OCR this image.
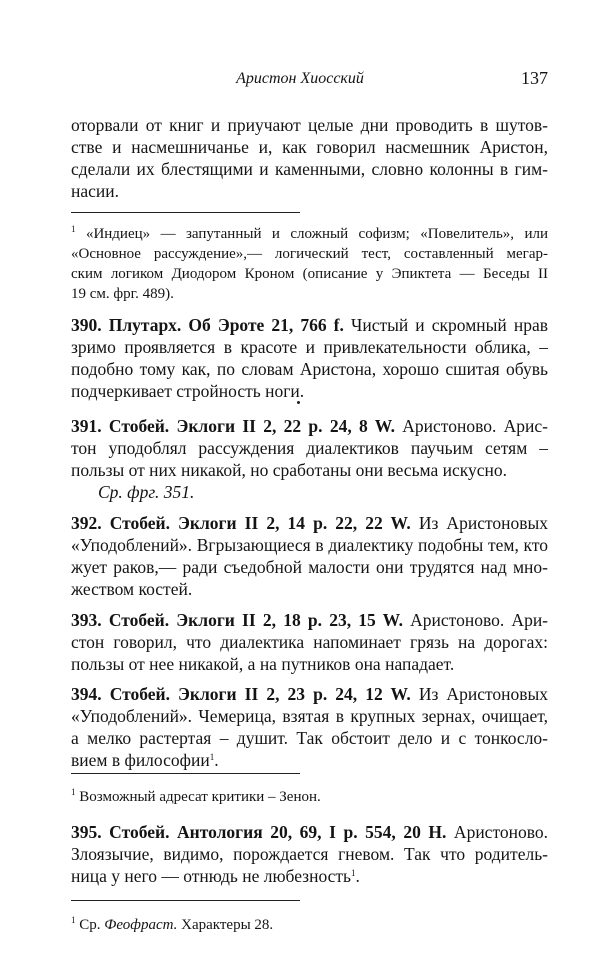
Аристон Хиосский	137
оторвали от книг и приучают целые дни проводить в шутов-
стве и насмешничанье и, как говорил насмешник Аристон,
сделали их блестящими и каменными, словно колонны в гим-
насии.
$^1$ «Индиец» — запутанный и сложный софизм; «Повелитель», или
«Основное рассуждение»,— логический тест, составленный мегар-
ским логиком Диодором Кроном (описание у Эпиктета — Беседы II
19 см. фрг. 489).
390. Плутарх. Об Эроте 21, 766 f. Чистый и скромный нрав
зримо проявляется в красоте и привлекательности облика, –
подобно тому как, по словам Аристона, хорошо сшитая обувь
подчеркивает стройность ноги.
391. Стобей. Эклоги II 2, 22 p. 24, 8 W. Аристоново. Арис-
тон уподоблял рассуждения диалектиков паучьим сетям –
пользы от них никакой, но сработаны они весьма искусно.
Ср. фрг. 351.
392. Стобей. Эклоги II 2, 14 p. 22, 22 W. Из Аристоновых
«Уподоблений». Вгрызающиеся в диалектику подобны тем, кто
жует раков,— ради съедобной малости они трудятся над мно-
жеством костей.
393. Стобей. Эклоги II 2, 18 p. 23, 15 W. Аристоново. Ари-
стон говорил, что диалектика напоминает грязь на дорогах:
пользы от нее никакой, а на путников она нападает.
394. Стобей. Эклоги II 2, 23 p. 24, 12 W. Из Аристоновых
«Уподоблений». Чемерица, взятая в крупных зернах, очищает,
а мелко растертая – душит. Так обстоит дело и с тонкосло-
вием в философии$^1$.
$^1$ Возможный адресат критики – Зенон.
395. Стобей. Антология 20, 69, I p. 554, 20 H. Аристоново.
Злоязычие, видимо, порождается гневом. Так что родитель-
ница у него — отнюдь не любезность$^1$.
$^1$ Ср. Феофраст. Характеры 28.
